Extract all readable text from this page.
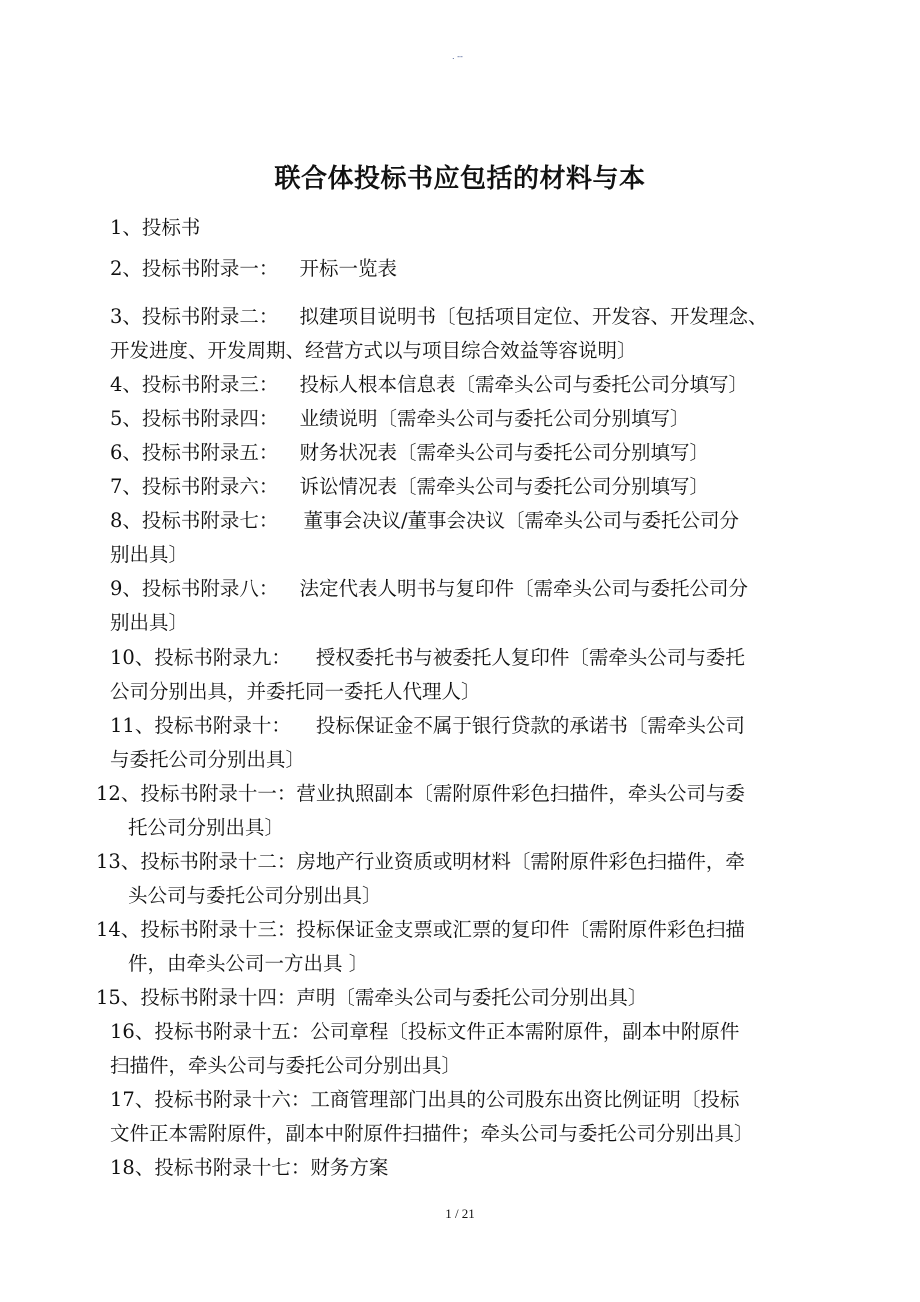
. --
联合体投标书应包括的材料与本
1、投标书
2、投标书附录一： 开标一览表
3、投标书附录二： 拟建项目说明书〔包括项目定位、开发容、开发理念、
开发进度、开发周期、经营方式以与项目综合效益等容说明〕
4、投标书附录三： 投标人根本信息表〔需牵头公司与委托公司分填写〕
5、投标书附录四： 业绩说明〔需牵头公司与委托公司分别填写〕
6、投标书附录五： 财务状况表〔需牵头公司与委托公司分别填写〕
7、投标书附录六： 诉讼情况表〔需牵头公司与委托公司分别填写〕
8、投标书附录七： 董事会决议/董事会决议〔需牵头公司与委托公司分
别出具〕
9、投标书附录八： 法定代表人明书与复印件〔需牵头公司与委托公司分
别出具〕
10、投标书附录九： 授权委托书与被委托人复印件〔需牵头公司与委托
公司分别出具，并委托同一委托人代理人〕
11、投标书附录十： 投标保证金不属于银行贷款的承诺书〔需牵头公司
与委托公司分别出具〕
12、投标书附录十一：营业执照副本〔需附原件彩色扫描件，牵头公司与委
托公司分别出具〕
13、投标书附录十二：房地产行业资质或明材料〔需附原件彩色扫描件，牵
头公司与委托公司分别出具〕
14、投标书附录十三：投标保证金支票或汇票的复印件〔需附原件彩色扫描
件，由牵头公司一方出具 〕
15、投标书附录十四：声明〔需牵头公司与委托公司分别出具〕
16、投标书附录十五：公司章程〔投标文件正本需附原件，副本中附原件
扫描件，牵头公司与委托公司分别出具〕
17、投标书附录十六：工商管理部门出具的公司股东出资比例证明〔投标
文件正本需附原件，副本中附原件扫描件；牵头公司与委托公司分别出具〕
18、投标书附录十七：财务方案
1 / 21
